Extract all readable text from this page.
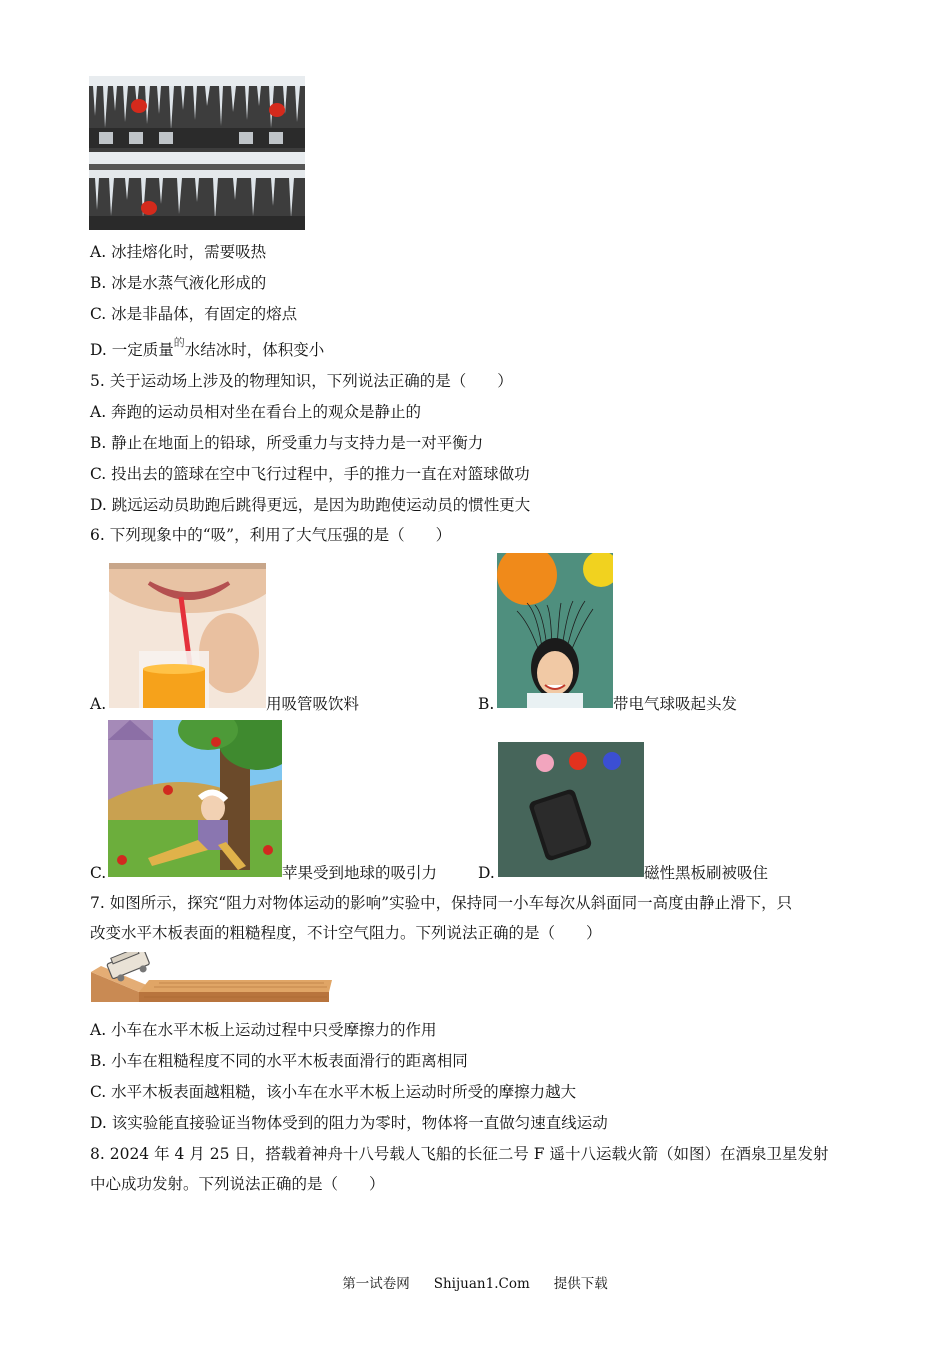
A. 冰挂熔化时，需要吸热
B. 冰是水蒸气液化形成的
C. 冰是非晶体，有固定的熔点
D. 一定质量$^的$水结冰时，体积变小
5. 关于运动场上涉及的物理知识，下列说法正确的是（　　）
A. 奔跑的运动员相对坐在看台上的观众是静止的
B. 静止在地面上的铅球，所受重力与支持力是一对平衡力
C. 投出去的篮球在空中飞行过程中，手的推力一直在对篮球做功
D. 跳远运动员助跑后跳得更远，是因为助跑使运动员的惯性更大
6. 下列现象中的“吸”，利用了大气压强的是（　　）
A.	用吸管吸饮料	B.	带电气球吸起头发
C.	苹果受到地球的吸引力	D.	磁性黑板刷被吸住
7. 如图所示，探究“阻力对物体运动的影响”实验中，保持同一小车每次从斜面同一高度由静止滑下，只
改变水平木板表面的粗糙程度，不计空气阻力。下列说法正确的是（　　）
A. 小车在水平木板上运动过程中只受摩擦力的作用
B. 小车在粗糙程度不同的水平木板表面滑行的距离相同
C. 水平木板表面越粗糙，该小车在水平木板上运动时所受的摩擦力越大
D. 该实验能直接验证当物体受到的阻力为零时，物体将一直做匀速直线运动
8. 2024 年 4 月 25 日，搭载着神舟十八号载人飞船的长征二号 F 遥十八运载火箭（如图）在酒泉卫星发射
中心成功发射。下列说法正确的是（　　）
第一试卷网 Shijuan1.Com 提供下载
